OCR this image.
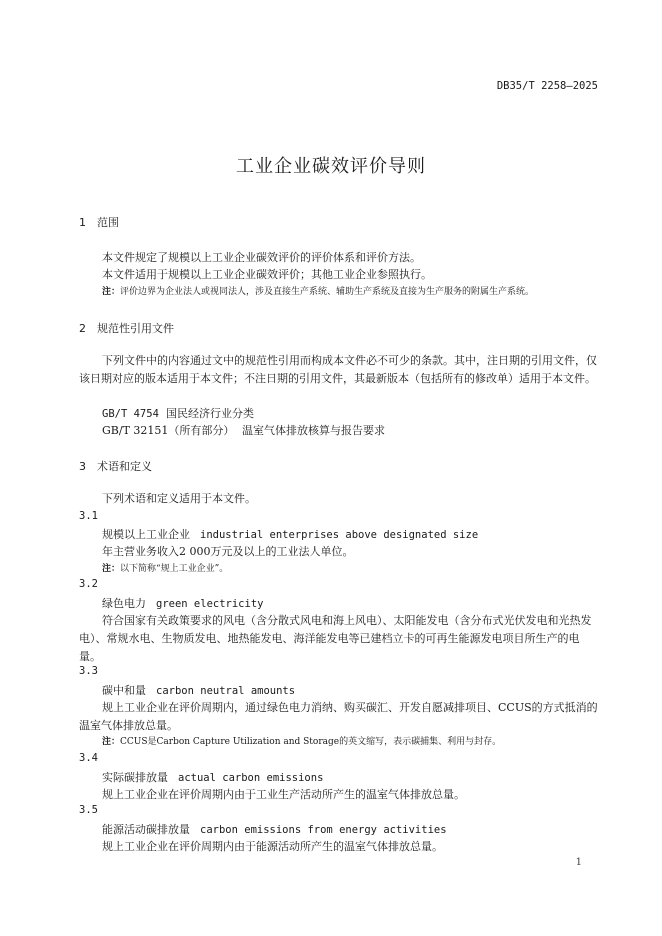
DB35/T 2258—2025
工业企业碳效评价导则
1 范围
本文件规定了规模以上工业企业碳效评价的评价体系和评价方法。
本文件适用于规模以上工业企业碳效评价；其他工业企业参照执行。
注：评价边界为企业法人或视同法人，涉及直接生产系统、辅助生产系统及直接为生产服务的附属生产系统。
2 规范性引用文件
下列文件中的内容通过文中的规范性引用而构成本文件必不可少的条款。其中，注日期的引用文件，仅该日期对应的版本适用于本文件；不注日期的引用文件，其最新版本（包括所有的修改单）适用于本文件。
GB/T 4754 国民经济行业分类
GB/T 32151（所有部分） 温室气体排放核算与报告要求
3 术语和定义
下列术语和定义适用于本文件。
3.1
规模以上工业企业 industrial enterprises above designated size
年主营业务收入2 000万元及以上的工业法人单位。
注：以下简称“规上工业企业”。
3.2
绿色电力 green electricity
符合国家有关政策要求的风电（含分散式风电和海上风电）、太阳能发电（含分布式光伏发电和光热发电）、常规水电、生物质发电、地热能发电、海洋能发电等已建档立卡的可再生能源发电项目所生产的电量。
3.3
碳中和量 carbon neutral amounts
规上工业企业在评价周期内，通过绿色电力消纳、购买碳汇、开发自愿减排项目、CCUS的方式抵消的温室气体排放总量。
注：CCUS是Carbon Capture Utilization and Storage的英文缩写，表示碳捕集、利用与封存。
3.4
实际碳排放量 actual carbon emissions
规上工业企业在评价周期内由于工业生产活动所产生的温室气体排放总量。
3.5
能源活动碳排放量 carbon emissions from energy activities
规上工业企业在评价周期内由于能源活动所产生的温室气体排放总量。
1
